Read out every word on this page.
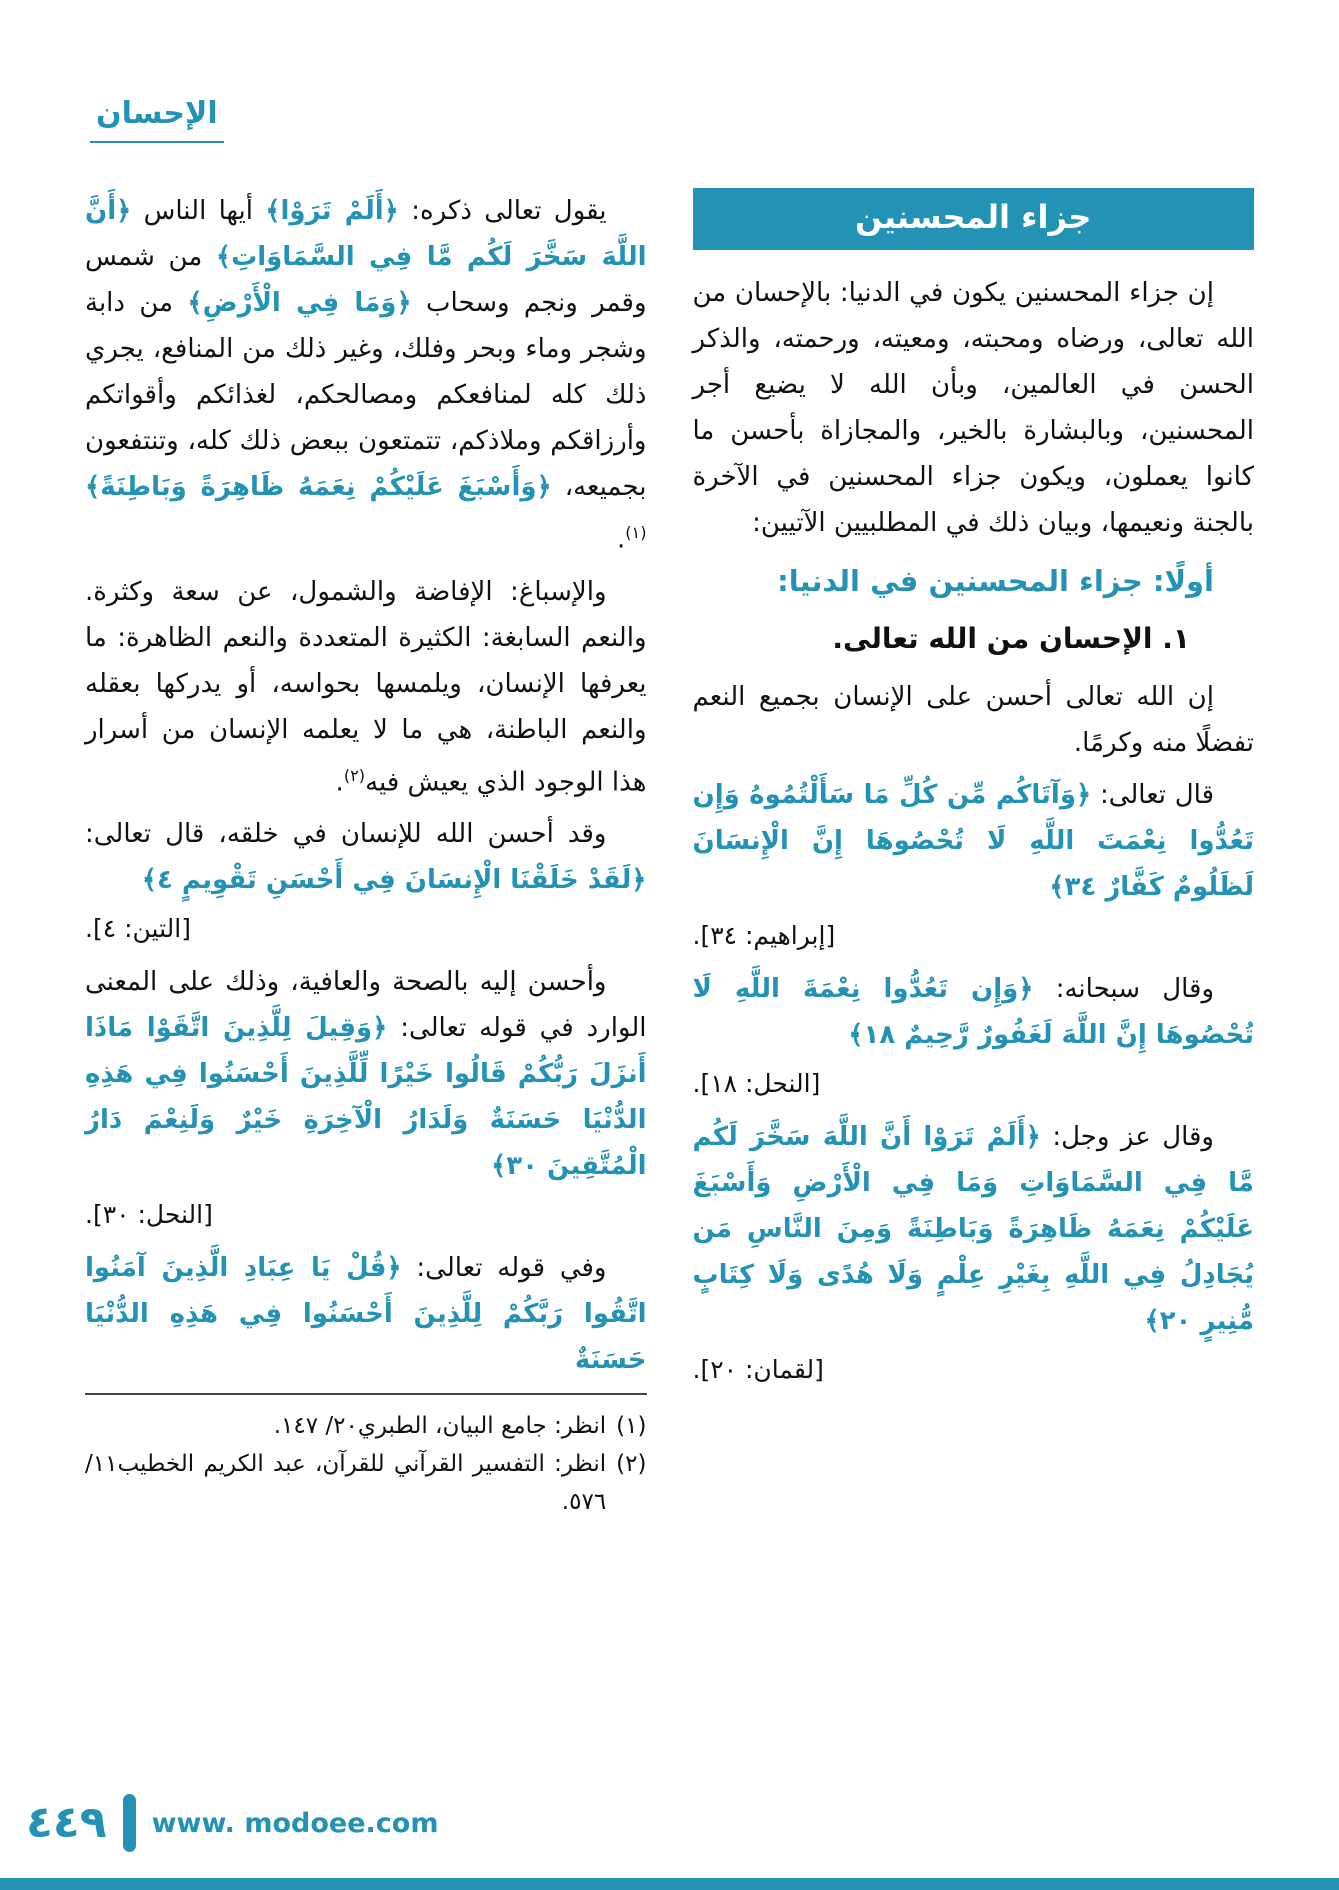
الإحسان
جزاء المحسنين

إن جزاء المحسنين يكون في الدنيا: بالإحسان من الله تعالى، ورضاه ومحبته، ومعيته، ورحمته، والذكر الحسن في العالمين، وبأن الله لا يضيع أجر المحسنين، وبالبشارة بالخير، والمجازاة بأحسن ما كانوا يعملون، ويكون جزاء المحسنين في الآخرة بالجنة ونعيمها، وبيان ذلك في المطلبيين الآتيين:

أولًا: جزاء المحسنين في الدنيا:

١. الإحسان من الله تعالى.

إن الله تعالى أحسن على الإنسان بجميع النعم تفضلًا منه وكرمًا.

قال تعالى: ﴿وَآتَاكُم مِّن كُلِّ مَا سَأَلْتُمُوهُ وَإِن تَعُدُّوا نِعْمَتَ اللَّهِ لَا تُحْصُوهَا إِنَّ الْإِنسَانَ لَظَلُومٌ كَفَّارٌ ٣٤﴾

[إبراهيم: ٣٤].

وقال سبحانه: ﴿وَإِن تَعُدُّوا نِعْمَةَ اللَّهِ لَا تُحْصُوهَا إِنَّ اللَّهَ لَغَفُورٌ رَّحِيمٌ ١٨﴾

[النحل: ١٨].

وقال عز وجل: ﴿أَلَمْ تَرَوْا أَنَّ اللَّهَ سَخَّرَ لَكُم مَّا فِي السَّمَاوَاتِ وَمَا فِي الْأَرْضِ وَأَسْبَغَ عَلَيْكُمْ نِعَمَهُ ظَاهِرَةً وَبَاطِنَةً وَمِنَ النَّاسِ مَن يُجَادِلُ فِي اللَّهِ بِغَيْرِ عِلْمٍ وَلَا هُدًى وَلَا كِتَابٍ مُّنِيرٍ ٢٠﴾

[لقمان: ٢٠].

يقول تعالى ذكره: ﴿أَلَمْ تَرَوْا﴾ أيها الناس ﴿أَنَّ اللَّهَ سَخَّرَ لَكُم مَّا فِي السَّمَاوَاتِ﴾ من شمس وقمر ونجم وسحاب ﴿وَمَا فِي الْأَرْضِ﴾ من دابة وشجر وماء وبحر وفلك، وغير ذلك من المنافع، يجري ذلك كله لمنافعكم ومصالحكم، لغذائكم وأقواتكم وأرزاقكم وملاذكم، تتمتعون ببعض ذلك كله، وتنتفعون بجميعه، ﴿وَأَسْبَغَ عَلَيْكُمْ نِعَمَهُ ظَاهِرَةً وَبَاطِنَةً﴾$^{(١)}$.

والإسباغ: الإفاضة والشمول، عن سعة وكثرة. والنعم السابغة: الكثيرة المتعددة والنعم الظاهرة: ما يعرفها الإنسان، ويلمسها بحواسه، أو يدركها بعقله والنعم الباطنة، هي ما لا يعلمه الإنسان من أسرار هذا الوجود الذي يعيش فيه$^{(٢)}$.

وقد أحسن الله للإنسان في خلقه، قال تعالى: ﴿لَقَدْ خَلَقْنَا الْإِنسَانَ فِي أَحْسَنِ تَقْوِيمٍ ٤﴾

[التين: ٤].

وأحسن إليه بالصحة والعافية، وذلك على المعنى الوارد في قوله تعالى: ﴿وَقِيلَ لِلَّذِينَ اتَّقَوْا مَاذَا أَنزَلَ رَبُّكُمْ قَالُوا خَيْرًا لِّلَّذِينَ أَحْسَنُوا فِي هَذِهِ الدُّنْيَا حَسَنَةٌ وَلَدَارُ الْآخِرَةِ خَيْرٌ وَلَنِعْمَ دَارُ الْمُتَّقِينَ ٣٠﴾

[النحل: ٣٠].

وفي قوله تعالى: ﴿قُلْ يَا عِبَادِ الَّذِينَ آمَنُوا اتَّقُوا رَبَّكُمْ لِلَّذِينَ أَحْسَنُوا فِي هَذِهِ الدُّنْيَا حَسَنَةٌ

(١)
انظر: جامع البيان، الطبري٢٠/ ١٤٧.
(٢)
انظر: التفسير القرآني للقرآن، عبد الكريم الخطيب١١/ ٥٧٦.
٤٤٩ www. modoee.com
